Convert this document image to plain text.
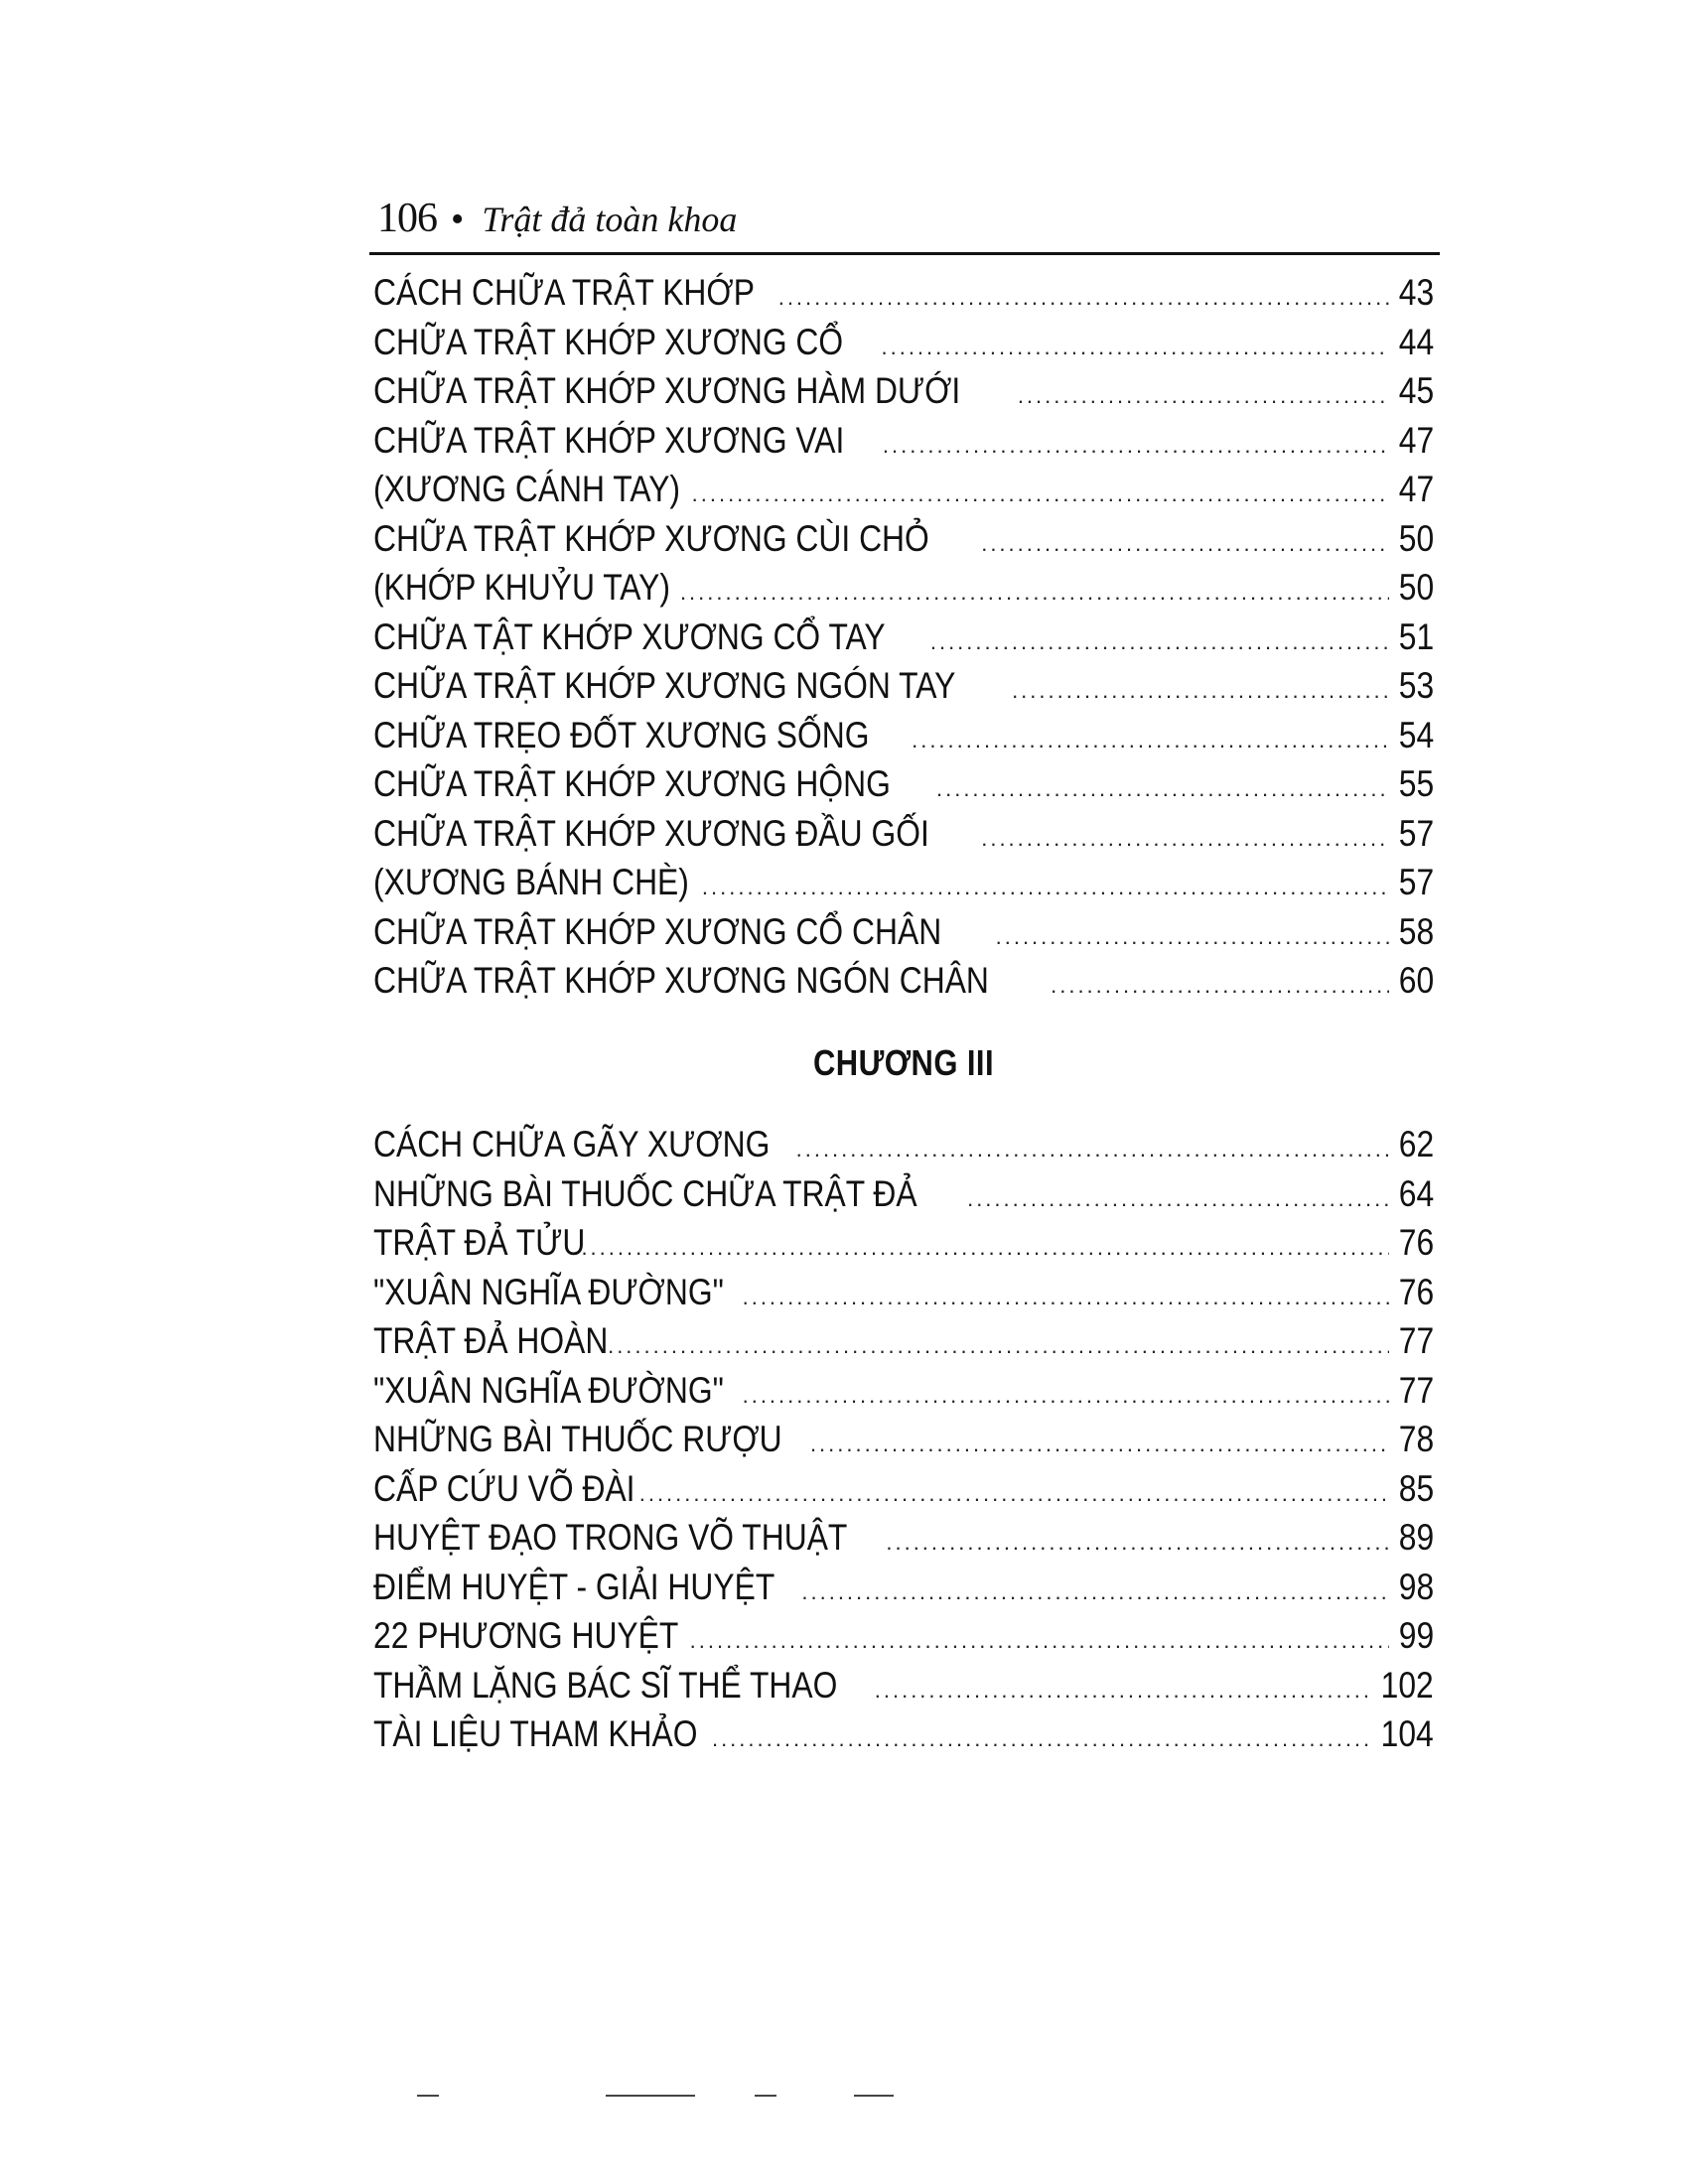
106 • Trật đả toàn khoa
CÁCH CHỮA TRẬT KHỚP .....	43
CHỮA TRẬT KHỚP XƯƠNG CỔ .....	44
CHỮA TRẬT KHỚP XƯƠNG HÀM DƯỚI .....	45
CHỮA TRẬT KHỚP XƯƠNG VAI .....	47
(XƯƠNG CÁNH TAY) .....	47
CHỮA TRẬT KHỚP XƯƠNG CÙI CHỎ .....	50
(KHỚP KHUỶU TAY) .....	50
CHỮA TẬT KHỚP XƯƠNG CỔ TAY .....	51
CHỮA TRẬT KHỚP XƯƠNG NGÓN TAY .....	53
CHỮA TRẸO ĐỐT XƯƠNG SỐNG .....	54
CHỮA TRẬT KHỚP XƯƠNG HỘNG .....	55
CHỮA TRẬT KHỚP XƯƠNG ĐẦU GỐI .....	57
(XƯƠNG BÁNH CHÈ) .....	57
CHỮA TRẬT KHỚP XƯƠNG CỔ CHÂN .....	58
CHỮA TRẬT KHỚP XƯƠNG NGÓN CHÂN .....	60
CHƯƠNG III
CÁCH CHỮA GÃY XƯƠNG .....	62
NHỮNG BÀI THUỐC CHỮA TRẬT ĐẢ .....	64
TRẬT ĐẢ TỬU .....	76
"XUÂN NGHĨA ĐƯỜNG" .....	76
TRẬT ĐẢ HOÀN .....	77
"XUÂN NGHĨA ĐƯỜNG" .....	77
NHỮNG BÀI THUỐC RƯỢU .....	78
CẤP CỨU VÕ ĐÀI .....	85
HUYỆT ĐẠO TRONG VÕ THUẬT .....	89
ĐIỂM HUYỆT - GIẢI HUYỆT .....	98
22 PHƯƠNG HUYỆT .....	99
THẦM LẶNG BÁC SĨ THỂ THAO .....	102
TÀI LIỆU THAM KHẢO .....	104
